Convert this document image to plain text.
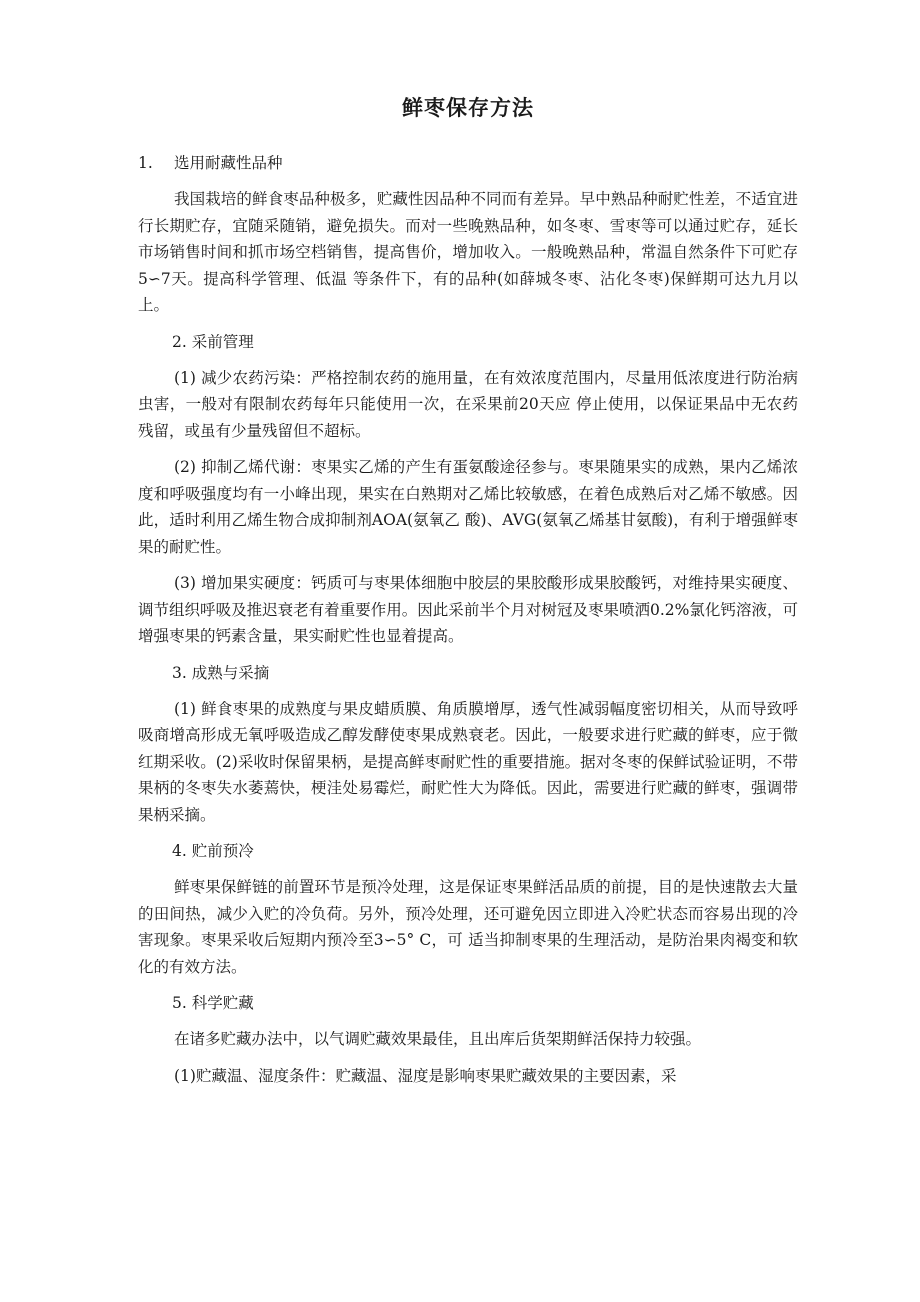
鲜枣保存方法
1. 选用耐藏性品种

我国栽培的鲜食枣品种极多，贮藏性因品种不同而有差异。早中熟品种耐贮性差，不适宜进行长期贮存，宜随采随销，避免损失。而对一些晚熟品种，如冬枣、雪枣等可以通过贮存，延长市场销售时间和抓市场空档销售，提高售价，增加收入。一般晚熟品种，常温自然条件下可贮存5∽7天。提高科学管理、低温 等条件下，有的品种(如薛城冬枣、沾化冬枣)保鲜期可达九月以上。

2. 采前管理

(1) 减少农药污染：严格控制农药的施用量，在有效浓度范围内，尽量用低浓度进行防治病虫害，一般对有限制农药每年只能使用一次，在采果前20天应 停止使用，以保证果品中无农药残留，或虽有少量残留但不超标。

(2) 抑制乙烯代谢：枣果实乙烯的产生有蛋氨酸途径参与。枣果随果实的成熟，果内乙烯浓度和呼吸强度均有一小峰出现，果实在白熟期对乙烯比较敏感，在着色成熟后对乙烯不敏感。因此，适时利用乙烯生物合成抑制剂AOA(氨氧乙 酸)、AVG(氨氧乙烯基甘氨酸)，有利于增强鲜枣果的耐贮性。

(3) 增加果实硬度：钙质可与枣果体细胞中胶层的果胶酸形成果胶酸钙，对维持果实硬度、调节组织呼吸及推迟衰老有着重要作用。因此采前半个月对树冠及枣果喷洒0.2%氯化钙溶液，可增强枣果的钙素含量，果实耐贮性也显着提高。

3. 成熟与采摘

(1) 鲜食枣果的成熟度与果皮蜡质膜、角质膜增厚，透气性减弱幅度密切相关，从而导致呼吸商增高形成无氧呼吸造成乙醇发酵使枣果成熟衰老。因此，一般要求进行贮藏的鲜枣，应于微红期采收。(2)采收时保留果柄，是提高鲜枣耐贮性的重要措施。据对冬枣的保鲜试验证明，不带果柄的冬枣失水萎蔫快，梗洼处易霉烂，耐贮性大为降低。因此，需要进行贮藏的鲜枣，强调带果柄采摘。

4. 贮前预冷

鲜枣果保鲜链的前置环节是预冷处理，这是保证枣果鲜活品质的前提，目的是快速散去大量的田间热，减少入贮的冷负荷。另外，预冷处理，还可避免因立即进入冷贮状态而容易出现的冷害现象。枣果采收后短期内预冷至3∽5° C，可 适当抑制枣果的生理活动，是防治果肉褐变和软化的有效方法。

5. 科学贮藏

在诸多贮藏办法中，以气调贮藏效果最佳，且出库后货架期鲜活保持力较强。

(1)贮藏温、湿度条件：贮藏温、湿度是影响枣果贮藏效果的主要因素，采
